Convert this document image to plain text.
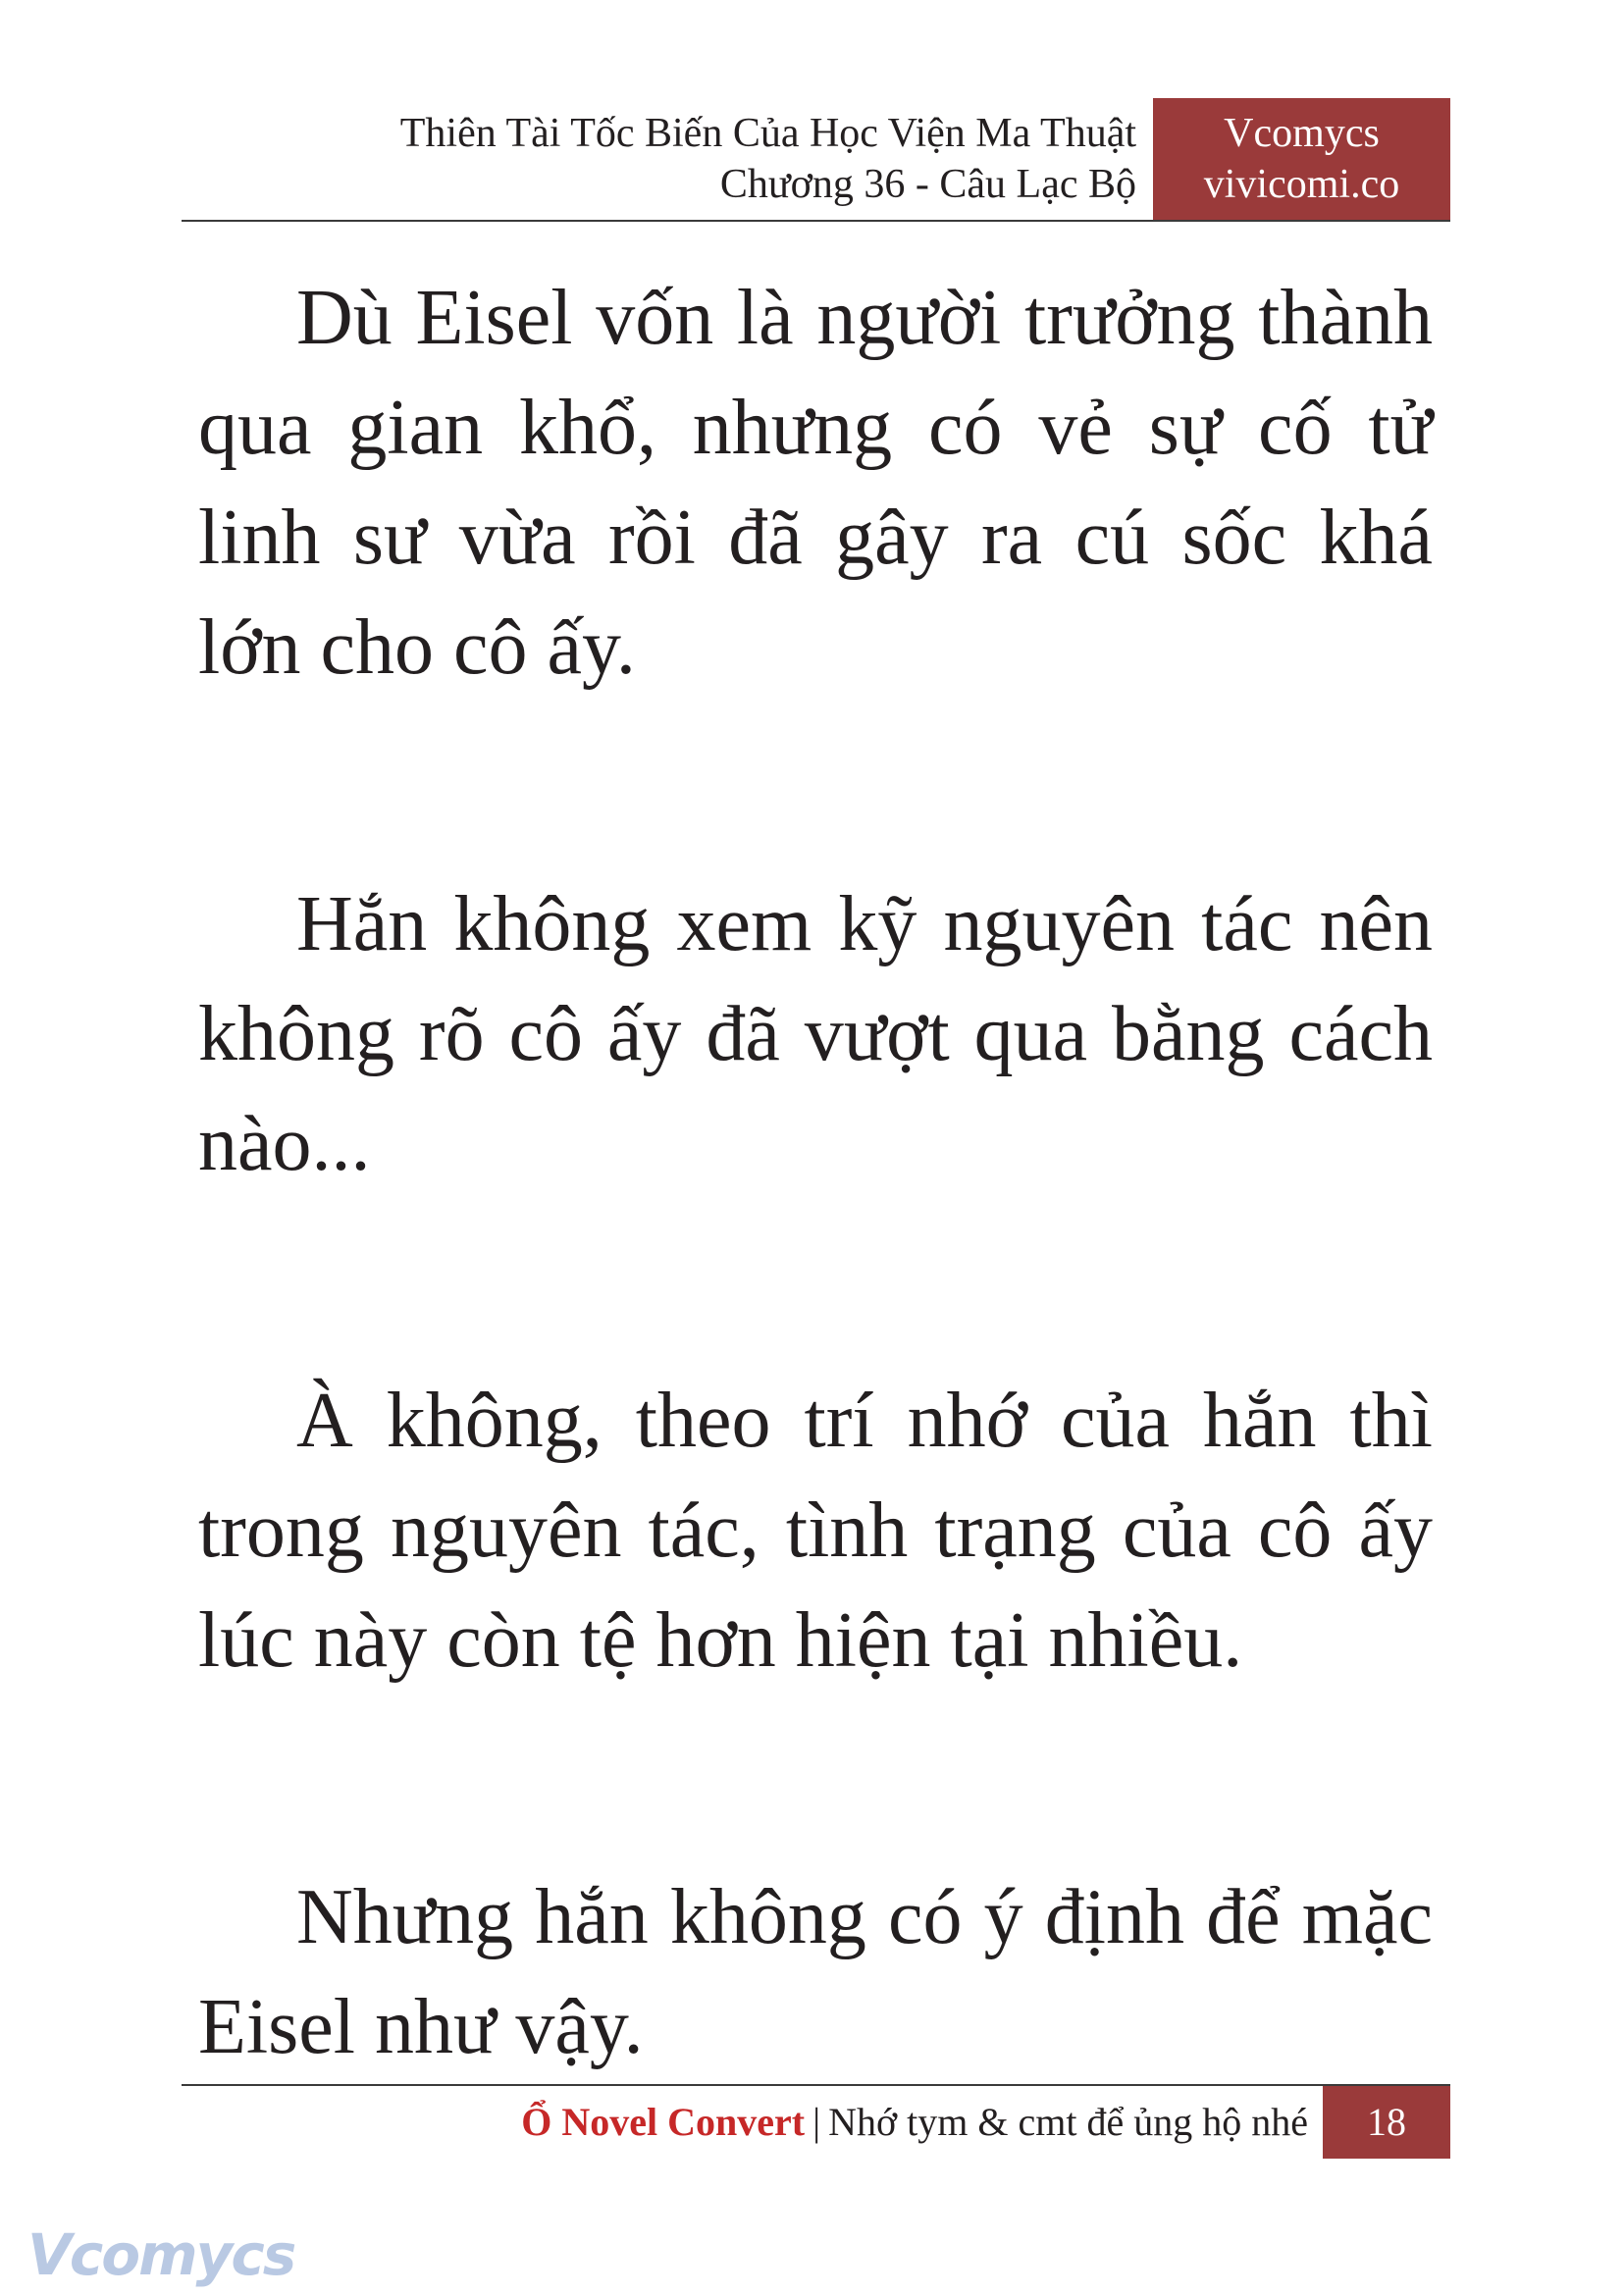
Thiên Tài Tốc Biến Của Học Viện Ma Thuật
Chương 36 - Câu Lạc Bộ
Vcomycs
vivicomi.co

Dù Eisel vốn là người trưởng thành qua gian khổ, nhưng có vẻ sự cố tử linh sư vừa rồi đã gây ra cú sốc khá lớn cho cô ấy.

Hắn không xem kỹ nguyên tác nên không rõ cô ấy đã vượt qua bằng cách nào...

À không, theo trí nhớ của hắn thì trong nguyên tác, tình trạng của cô ấy lúc này còn tệ hơn hiện tại nhiều.

Nhưng hắn không có ý định để mặc Eisel như vậy.

Ổ Novel Convert | Nhớ tym & cmt để ủng hộ nhé	18
Vcomycs
